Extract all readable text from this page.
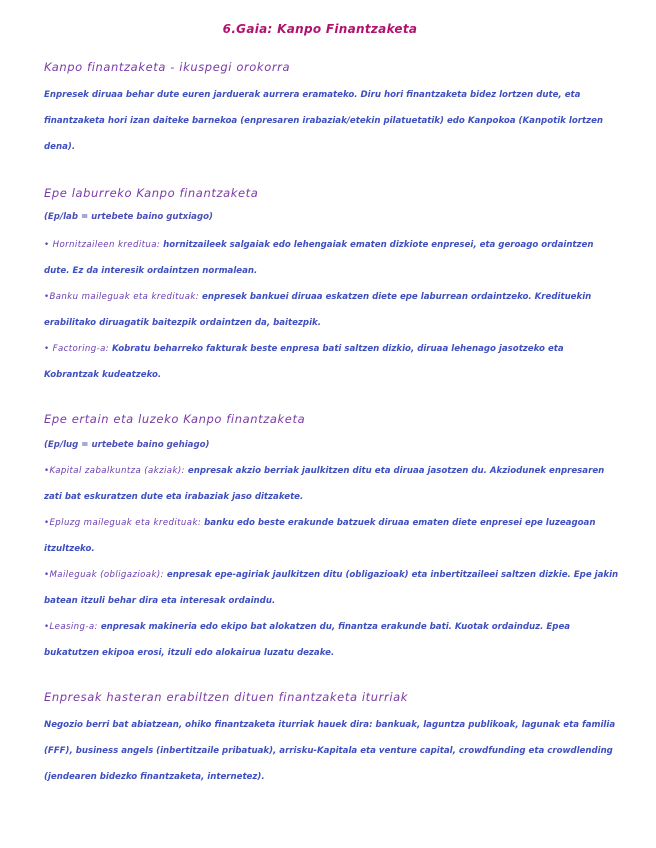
6.Gaia: Kanpo Finantzaketa
Kanpo finantzaketa - ikuspegi orokorra

Enpresek diruaa behar dute euren jarduerak aurrera eramateko. Diru hori finantzaketa bidez lortzen dute, eta finantzaketa hori izan daiteke barnekoa (enpresaren irabaziak/etekin pilatuetatik) edo Kanpokoa (Kanpotik lortzen dena).

Epe laburreko Kanpo finantzaketa
(Ep/lab = urtebete baino gutxiago)

• Hornitzaileen kreditua: hornitzaileek salgaiak edo lehengaiak ematen dizkiote enpresei, eta geroago ordaintzen dute. Ez da interesik ordaintzen normalean.

•Banku maileguak eta kredituak: enpresek bankuei diruaa eskatzen diete epe laburrean ordaintzeko. Kredituekin erabilitako diruagatik baitezpik ordaintzen da, baitezpik.

• Factoring-a: Kobratu beharreko fakturak beste enpresa bati saltzen dizkio, diruaa lehenago jasotzeko eta Kobrantzak kudeatzeko.

Epe ertain eta luzeko Kanpo finantzaketa
(Ep/lug = urtebete baino gehiago)

•Kapital zabalkuntza (akziak): enpresak akzio berriak jaulkitzen ditu eta diruaa jasotzen du. Akziodunek enpresaren zati bat eskuratzen dute eta irabaziak jaso ditzakete.

•Epluzg maileguak eta kredituak: banku edo beste erakunde batzuek diruaa ematen diete enpresei epe luzeagoan itzultzeko.

•Maileguak (obligazioak): enpresak epe-agiriak jaulkitzen ditu (obligazioak) eta inbertitzaileei saltzen dizkie. Epe jakin batean itzuli behar dira eta interesak ordaindu.

•Leasing-a: enpresak makineria edo ekipo bat alokatzen du, finantza erakunde bati. Kuotak ordainduz. Epea bukatutzen ekipoa erosi, itzuli edo alokairua luzatu dezake.

Enpresak hasteran erabiltzen dituen finantzaketa iturriak

Negozio berri bat abiatzean, ohiko finantzaketa iturriak hauek dira: bankuak, laguntza publikoak, lagunak eta familia (FFF), business angels (inbertitzaile pribatuak), arrisku-Kapitala eta venture capital, crowdfunding eta crowdlending (jendearen bidezko finantzaketa, internetez).
